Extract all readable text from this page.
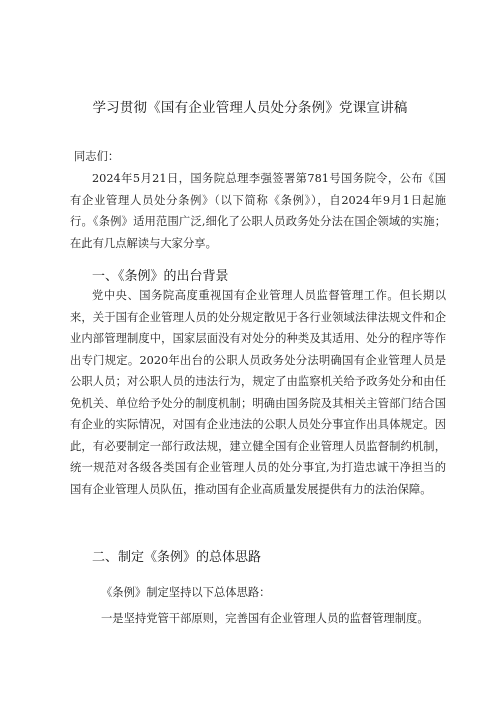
学习贯彻《国有企业管理人员处分条例》党课宣讲稿
同志们：
2024年5月21日，国务院总理李强签署第781号国务院令，公布《国有企业管理人员处分条例》（以下简称《条例》），自2024年9月1日起施行。《条例》适用范围广泛,细化了公职人员政务处分法在国企领域的实施；在此有几点解读与大家分享。
一、《条例》的出台背景
党中央、国务院高度重视国有企业管理人员监督管理工作。但长期以来，关于国有企业管理人员的处分规定散见于各行业领域法律法规文件和企业内部管理制度中，国家层面没有对处分的种类及其适用、处分的程序等作出专门规定。2020年出台的公职人员政务处分法明确国有企业管理人员是公职人员；对公职人员的违法行为，规定了由监察机关给予政务处分和由任免机关、单位给予处分的制度机制；明确由国务院及其相关主管部门结合国有企业的实际情况，对国有企业违法的公职人员处分事宜作出具体规定。因此，有必要制定一部行政法规，建立健全国有企业管理人员监督制约机制，统一规范对各级各类国有企业管理人员的处分事宜,为打造忠诚干净担当的国有企业管理人员队伍，推动国有企业高质量发展提供有力的法治保障。
二、制定《条例》的总体思路
《条例》制定坚持以下总体思路：
一是坚持党管干部原则，完善国有企业管理人员的监督管理制度。
